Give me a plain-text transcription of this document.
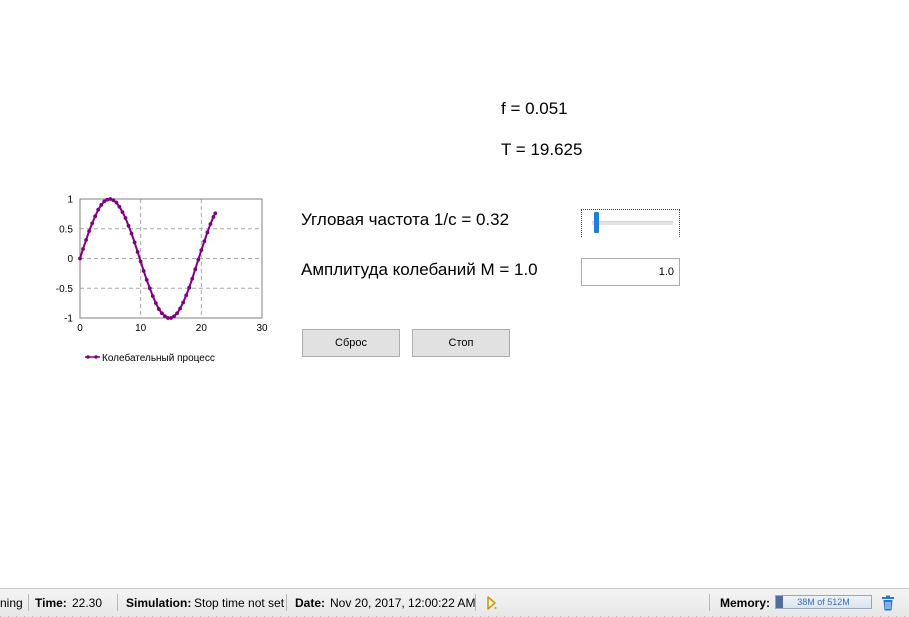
f = 0.051
T = 19.625
0	10	20	30
1
0.5
0
-0.5
-1
Колебательный процесс
Угловая частота 1/с = 0.32
Амплитуда колебаний M = 1.0
1.0
Сброс	Стоп
ning Time: 22.30 Simulation: Stop time not set Date: Nov 20, 2017, 12:00:22 AM	Memory:	38M of 512M
